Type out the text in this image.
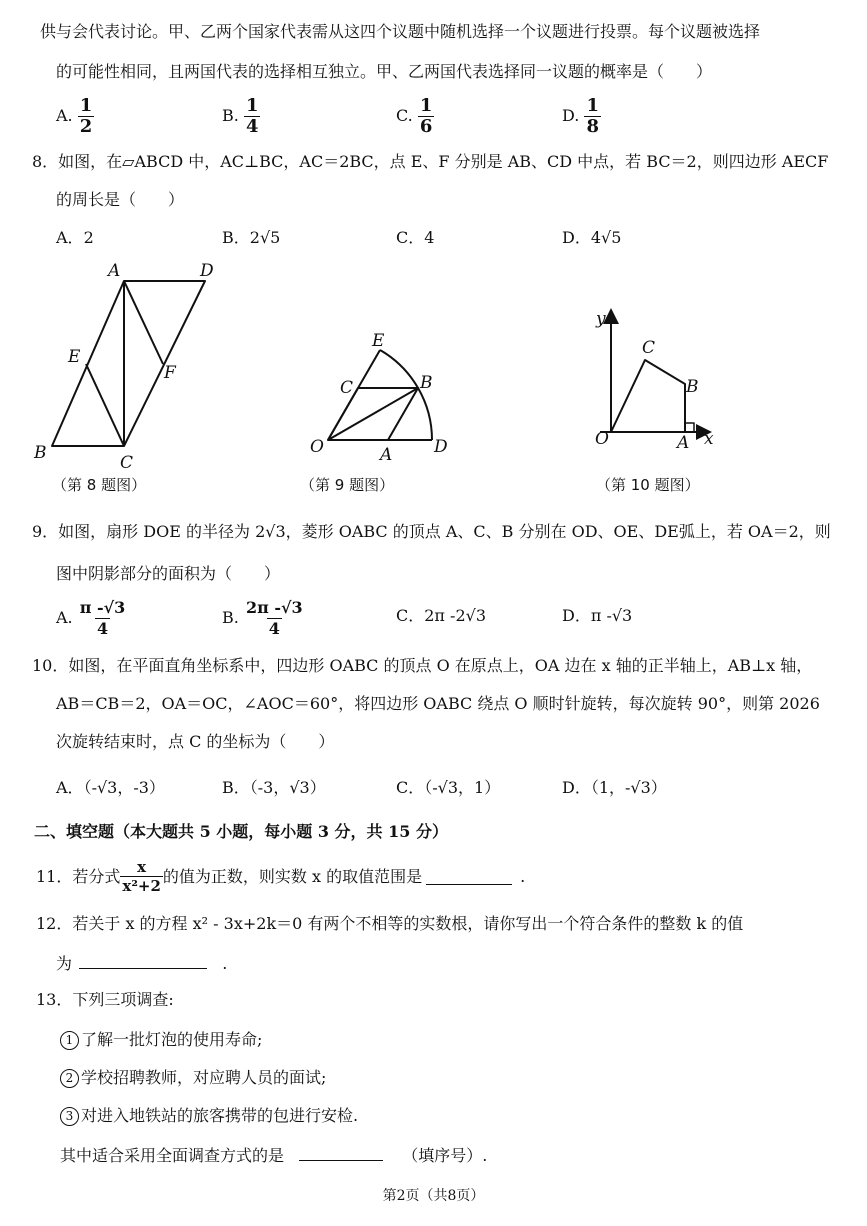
供与会代表讨论。甲、乙两个国家代表需从这四个议题中随机选择一个议题进行投票。每个议题被选择
的可能性相同，且两国代表的选择相互独立。甲、乙两国代表选择同一议题的概率是（　　）
A. $\frac{1}{2}$	B. $\frac{1}{4}$	C. $\frac{1}{6}$	D. $\frac{1}{8}$
8．如图，在▱ABCD 中，AC⊥BC，AC＝2BC，点 E、F 分别是 AB、CD 中点，若 BC＝2，则四边形 AECF
的周长是（　　）
A．2	B．2√5	C．4	D．4√5
A	D
E
F
B	C
（第 8 题图）
E
C	B
O	A D
（第 9 题图）
y
C
B
O	A x
（第 10 题图）
9．如图，扇形 DOE 的半径为 2√3，菱形 OABC 的顶点 A、C、B 分别在 OD、OE、DE弧上，若 OA＝2，则
图中阴影部分的面积为（　　）
A. $\frac{\pi -√3}{4}$	B. $\frac{2\pi -√3}{4}$	C．2π -2√3	D．π -√3
10．如图，在平面直角坐标系中，四边形 OABC 的顶点 O 在原点上，OA 边在 x 轴的正半轴上，AB⊥x 轴，
AB＝CB＝2，OA＝OC，∠AOC＝60°，将四边形 OABC 绕点 O 顺时针旋转，每次旋转 90°，则第 2026
次旋转结束时，点 C 的坐标为（　　）
A．（-√3，-3）	B．（-3，√3）	C．（-√3，1）	D．（1，-√3）
二、填空题（本大题共 5 小题，每小题 3 分，共 15 分）
11．若分式 $\frac{x}{\text{x²+2}}$ 的值为正数，则实数 x 的取值范围是	.
12．若关于 x 的方程 x² - 3x+2k＝0 有两个不相等的实数根，请你写出一个符合条件的整数 k 的值
为	.
13．下列三项调查:
1 了解一批灯泡的使用寿命;
2 学校招聘教师，对应聘人员的面试;
3 对进入地铁站的旅客携带的包进行安检.
其中适合采用全面调查方式的是	（填序号）.
第2页（共8页）
